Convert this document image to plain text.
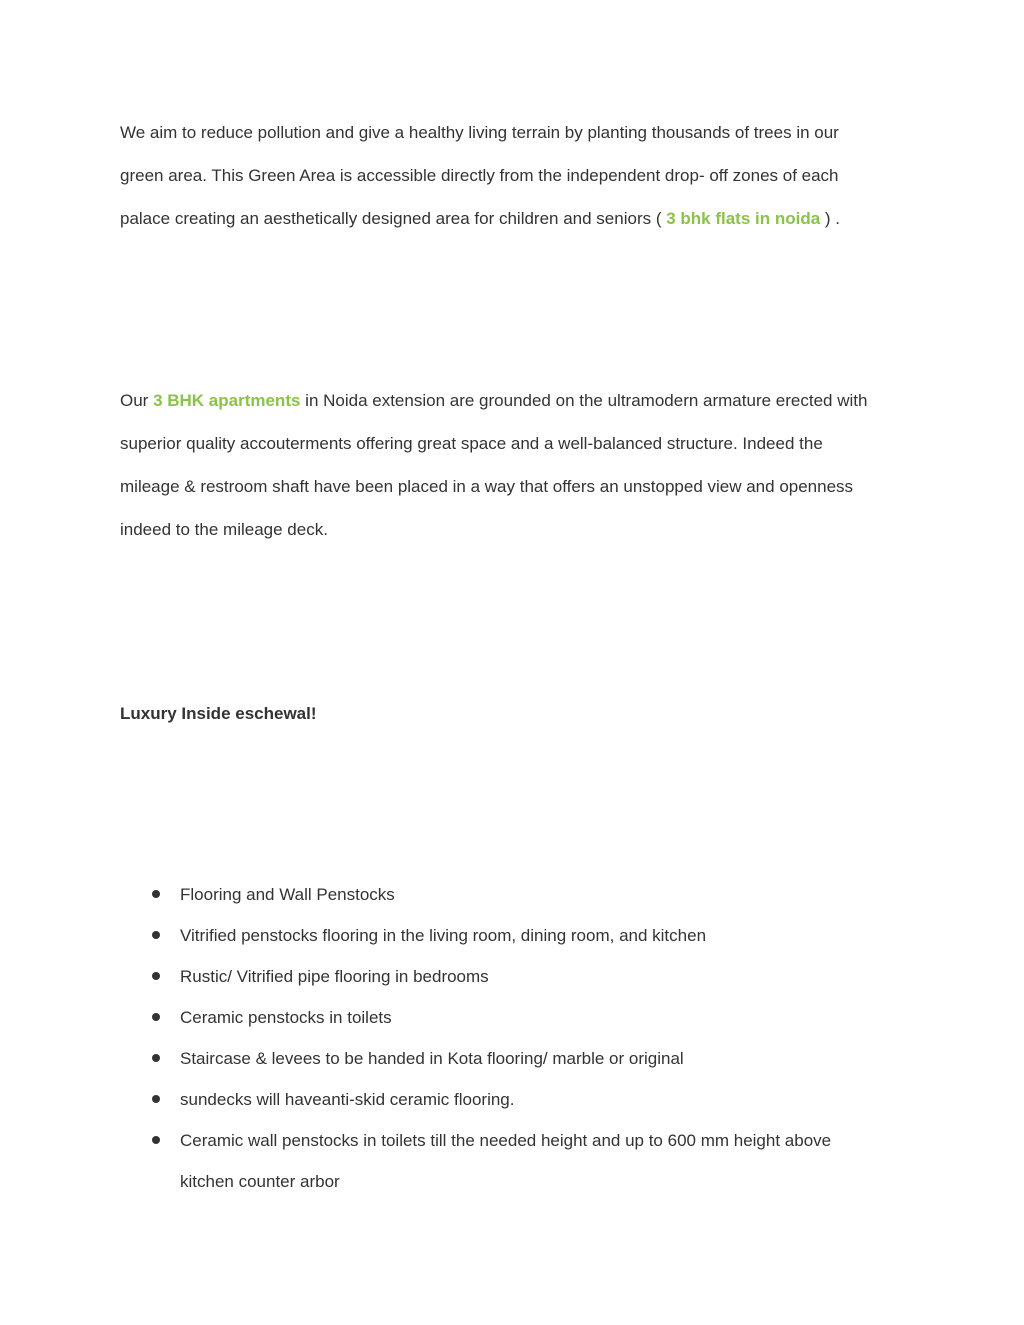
We aim to reduce pollution and give a healthy living terrain by planting thousands of trees in our
green area. This Green Area is accessible directly from the independent drop- off zones of each
palace creating an aesthetically designed area for children and seniors ( 3 bhk flats in noida ) .

Our 3 BHK apartments in Noida extension are grounded on the ultramodern armature erected with
superior quality accouterments offering great space and a well-balanced structure. Indeed the
mileage & restroom shaft have been placed in a way that offers an unstopped view and openness
indeed to the mileage deck.

Luxury Inside eschewal!
Flooring and Wall Penstocks
Vitrified penstocks flooring in the living room, dining room, and kitchen
Rustic/ Vitrified pipe flooring in bedrooms
Ceramic penstocks in toilets
Staircase & levees to be handed in Kota flooring/ marble or original
sundecks will haveanti-skid ceramic flooring.
Ceramic wall penstocks in toilets till the needed height and up to 600 mm height above
kitchen counter arbor
